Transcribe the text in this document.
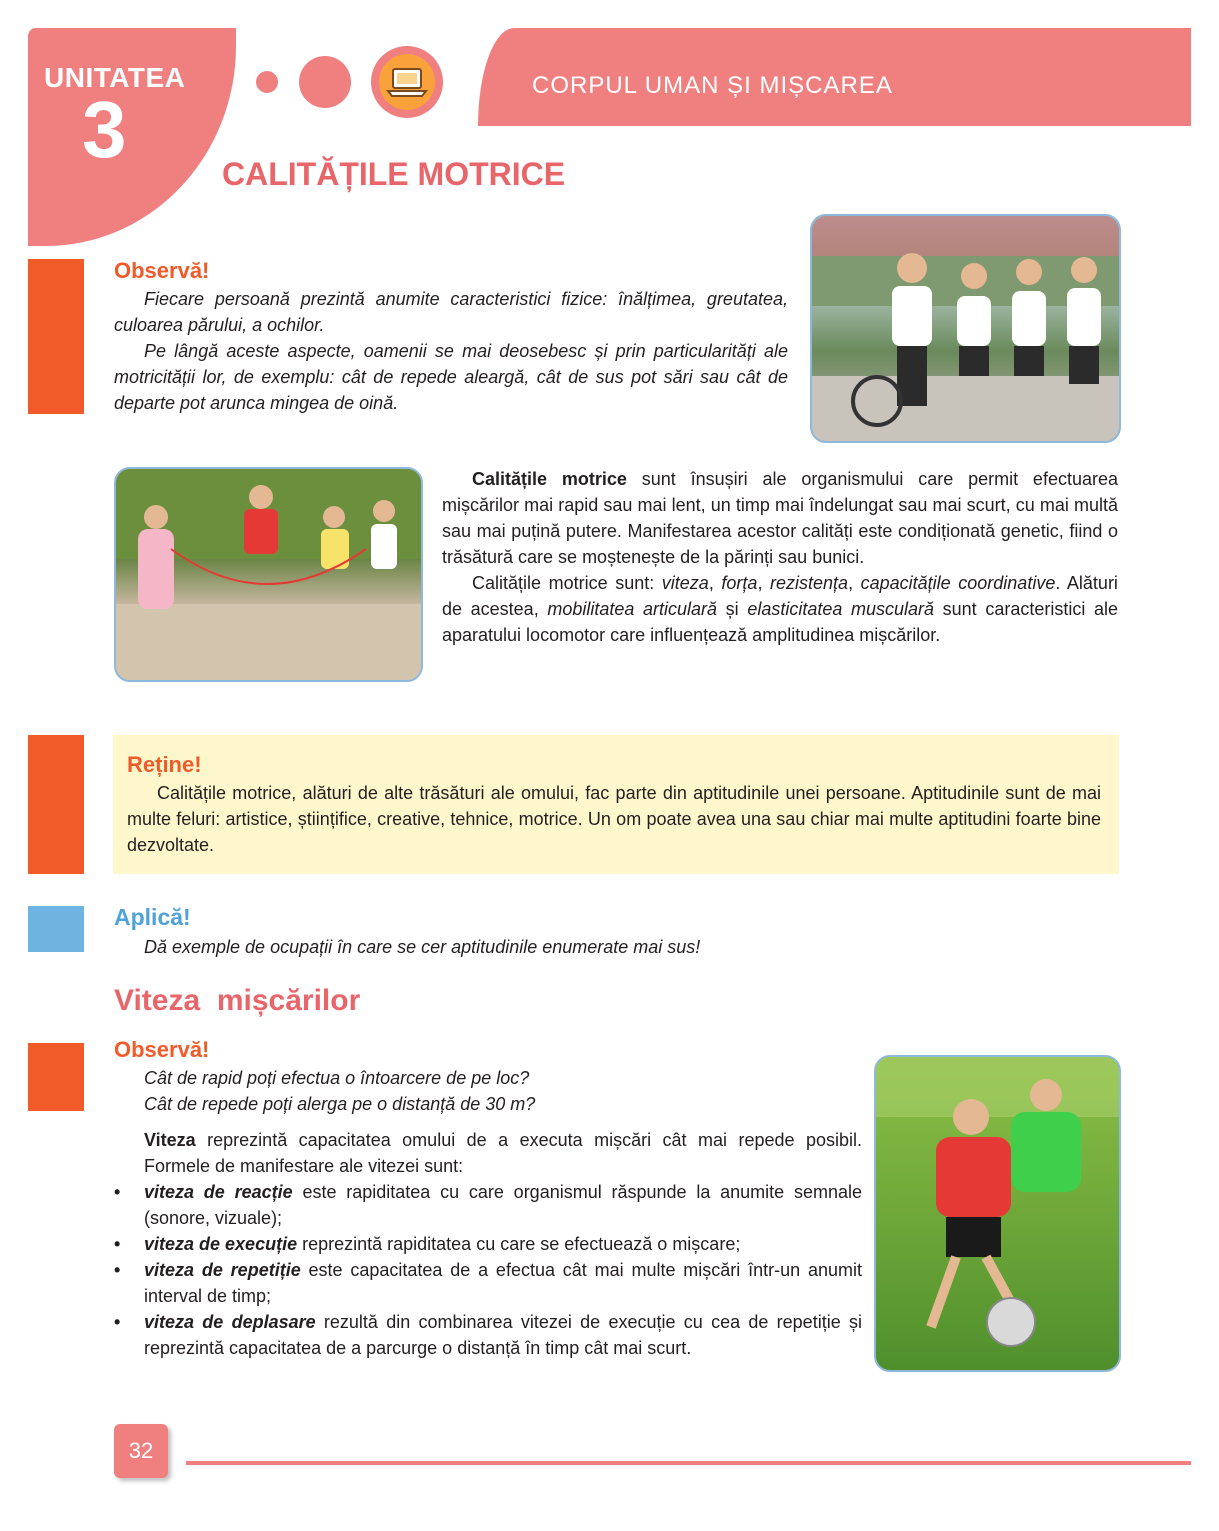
UNITATEA
3	CORPUL UMAN ȘI MIȘCAREA
CALITĂȚILE MOTRICE
Observă!
Fiecare persoană prezintă anumite caracteristici fizice: înălțimea, greutatea, culoarea părului, a ochilor.
Pe lângă aceste aspecte, oamenii se mai deosebesc și prin particularități ale motricității lor, de exemplu: cât de repede aleargă, cât de sus pot sări sau cât de departe pot arunca mingea de oină.
Calitățile motrice sunt însușiri ale organismului care permit efectuarea mișcărilor mai rapid sau mai lent, un timp mai îndelungat sau mai scurt, cu mai multă sau mai puțină putere. Manifestarea acestor calități este condiționată genetic, fiind o trăsătură care se moștenește de la părinți sau bunici.
Calitățile motrice sunt: viteza, forța, rezistența, capacitățile coordinative. Alături de acestea, mobilitatea articulară și elasticitatea musculară sunt caracteristici ale aparatului locomotor care influențează amplitudinea mișcărilor.
Reține!
Calitățile motrice, alături de alte trăsături ale omului, fac parte din aptitudinile unei persoane. Aptitudinile sunt de mai multe feluri: artistice, științifice, creative, tehnice, motrice. Un om poate avea una sau chiar mai multe aptitudini foarte bine dezvoltate.
Aplică!
Dă exemple de ocupații în care se cer aptitudinile enumerate mai sus!
Viteza  mișcărilor
Observă!
Cât de rapid poți efectua o întoarcere de pe loc?
Cât de repede poți alerga pe o distanță de 30 m?
Viteza reprezintă capacitatea omului de a executa mișcări cât mai repede posibil. Formele de manifestare ale vitezei sunt:
• viteza de reacție este rapiditatea cu care organismul răspunde la anumite semnale (sonore, vizuale);
• viteza de execuție reprezintă rapiditatea cu care se efectuează o mișcare;
• viteza de repetiție este capacitatea de a efectua cât mai multe mișcări într-un anumit interval de timp;
• viteza de deplasare rezultă din combinarea vitezei de execuție cu cea de repetiție și reprezintă capacitatea de a parcurge o distanță în timp cât mai scurt.
32
